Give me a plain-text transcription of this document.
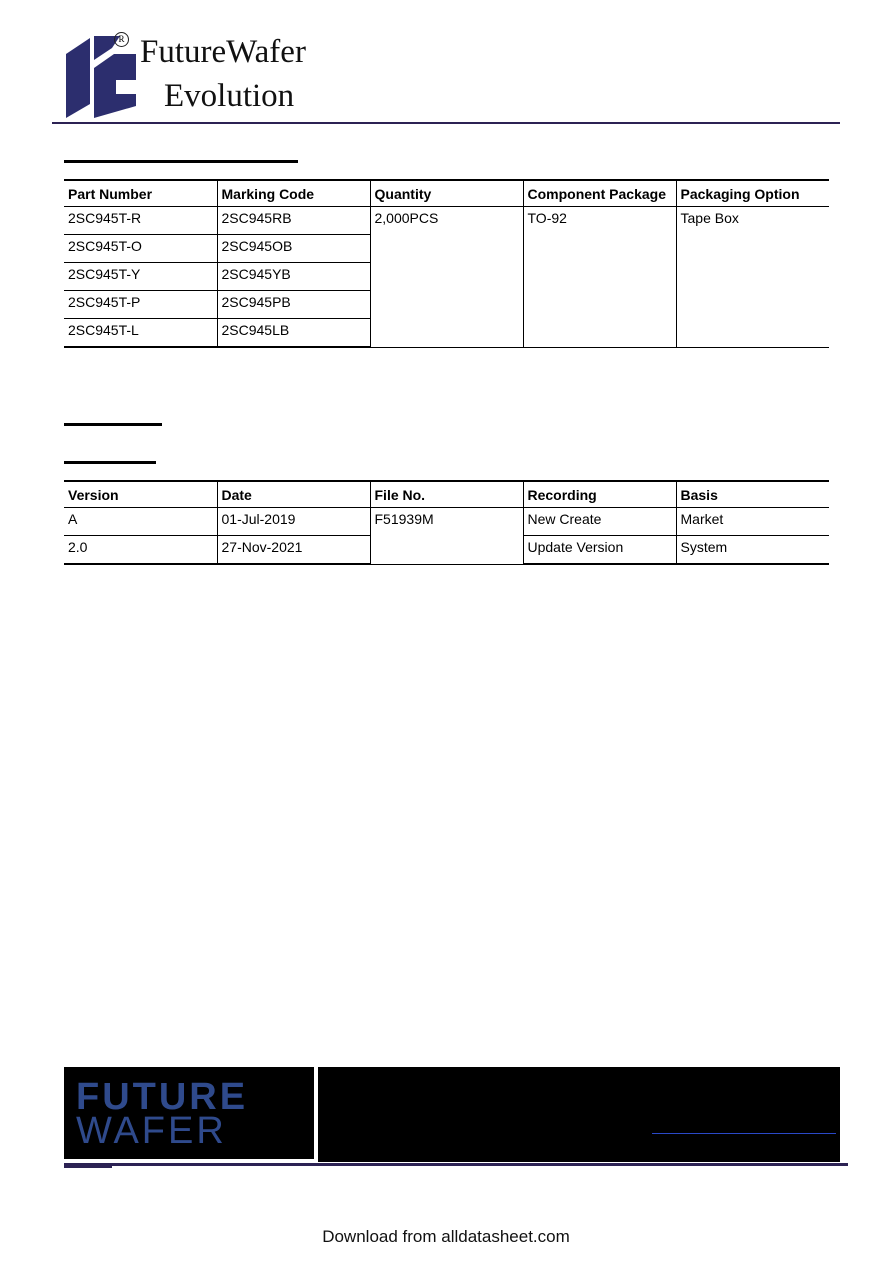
R FutureWafer
Evolution
Part Number	Marking Code	Quantity	Component Package	Packaging Option
2SC945T-R	2SC945RB	2,000PCS	TO-92	Tape Box
2SC945T-O	2SC945OB			
2SC945T-Y	2SC945YB			
2SC945T-P	2SC945PB			
2SC945T-L	2SC945LB			
Version	Date	File No.	Recording	Basis
A	01-Jul-2019	F51939M	New Create	Market
2.0	27-Nov-2021		Update Version	System
FUTURE
WAFER
Download from alldatasheet.com
